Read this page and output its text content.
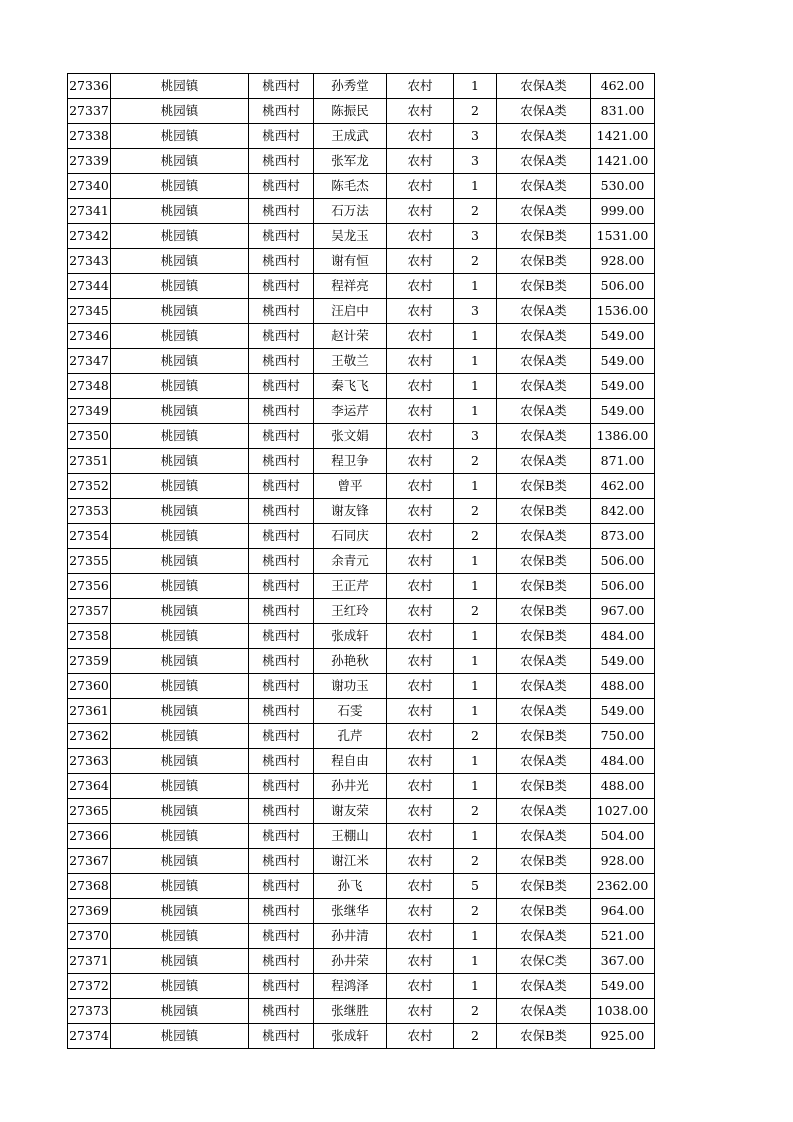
27336	桃园镇	桃西村	孙秀堂	农村	1	农保A类	462.00
27337	桃园镇	桃西村	陈振民	农村	2	农保A类	831.00
27338	桃园镇	桃西村	王成武	农村	3	农保A类	1421.00
27339	桃园镇	桃西村	张军龙	农村	3	农保A类	1421.00
27340	桃园镇	桃西村	陈毛杰	农村	1	农保A类	530.00
27341	桃园镇	桃西村	石万法	农村	2	农保A类	999.00
27342	桃园镇	桃西村	吴龙玉	农村	3	农保B类	1531.00
27343	桃园镇	桃西村	谢有恒	农村	2	农保B类	928.00
27344	桃园镇	桃西村	程祥亮	农村	1	农保B类	506.00
27345	桃园镇	桃西村	汪启中	农村	3	农保A类	1536.00
27346	桃园镇	桃西村	赵计荣	农村	1	农保A类	549.00
27347	桃园镇	桃西村	王敬兰	农村	1	农保A类	549.00
27348	桃园镇	桃西村	秦飞飞	农村	1	农保A类	549.00
27349	桃园镇	桃西村	李运芹	农村	1	农保A类	549.00
27350	桃园镇	桃西村	张文娟	农村	3	农保A类	1386.00
27351	桃园镇	桃西村	程卫争	农村	2	农保A类	871.00
27352	桃园镇	桃西村	曾平	农村	1	农保B类	462.00
27353	桃园镇	桃西村	谢友锋	农村	2	农保B类	842.00
27354	桃园镇	桃西村	石同庆	农村	2	农保A类	873.00
27355	桃园镇	桃西村	余青元	农村	1	农保B类	506.00
27356	桃园镇	桃西村	王正芹	农村	1	农保B类	506.00
27357	桃园镇	桃西村	王红玲	农村	2	农保B类	967.00
27358	桃园镇	桃西村	张成轩	农村	1	农保B类	484.00
27359	桃园镇	桃西村	孙艳秋	农村	1	农保A类	549.00
27360	桃园镇	桃西村	谢功玉	农村	1	农保A类	488.00
27361	桃园镇	桃西村	石雯	农村	1	农保A类	549.00
27362	桃园镇	桃西村	孔芹	农村	2	农保B类	750.00
27363	桃园镇	桃西村	程自由	农村	1	农保A类	484.00
27364	桃园镇	桃西村	孙井光	农村	1	农保B类	488.00
27365	桃园镇	桃西村	谢友荣	农村	2	农保A类	1027.00
27366	桃园镇	桃西村	王棚山	农村	1	农保A类	504.00
27367	桃园镇	桃西村	谢江米	农村	2	农保B类	928.00
27368	桃园镇	桃西村	孙飞	农村	5	农保B类	2362.00
27369	桃园镇	桃西村	张继华	农村	2	农保B类	964.00
27370	桃园镇	桃西村	孙井清	农村	1	农保A类	521.00
27371	桃园镇	桃西村	孙井荣	农村	1	农保C类	367.00
27372	桃园镇	桃西村	程鸿泽	农村	1	农保A类	549.00
27373	桃园镇	桃西村	张继胜	农村	2	农保A类	1038.00
27374	桃园镇	桃西村	张成轩	农村	2	农保B类	925.00
